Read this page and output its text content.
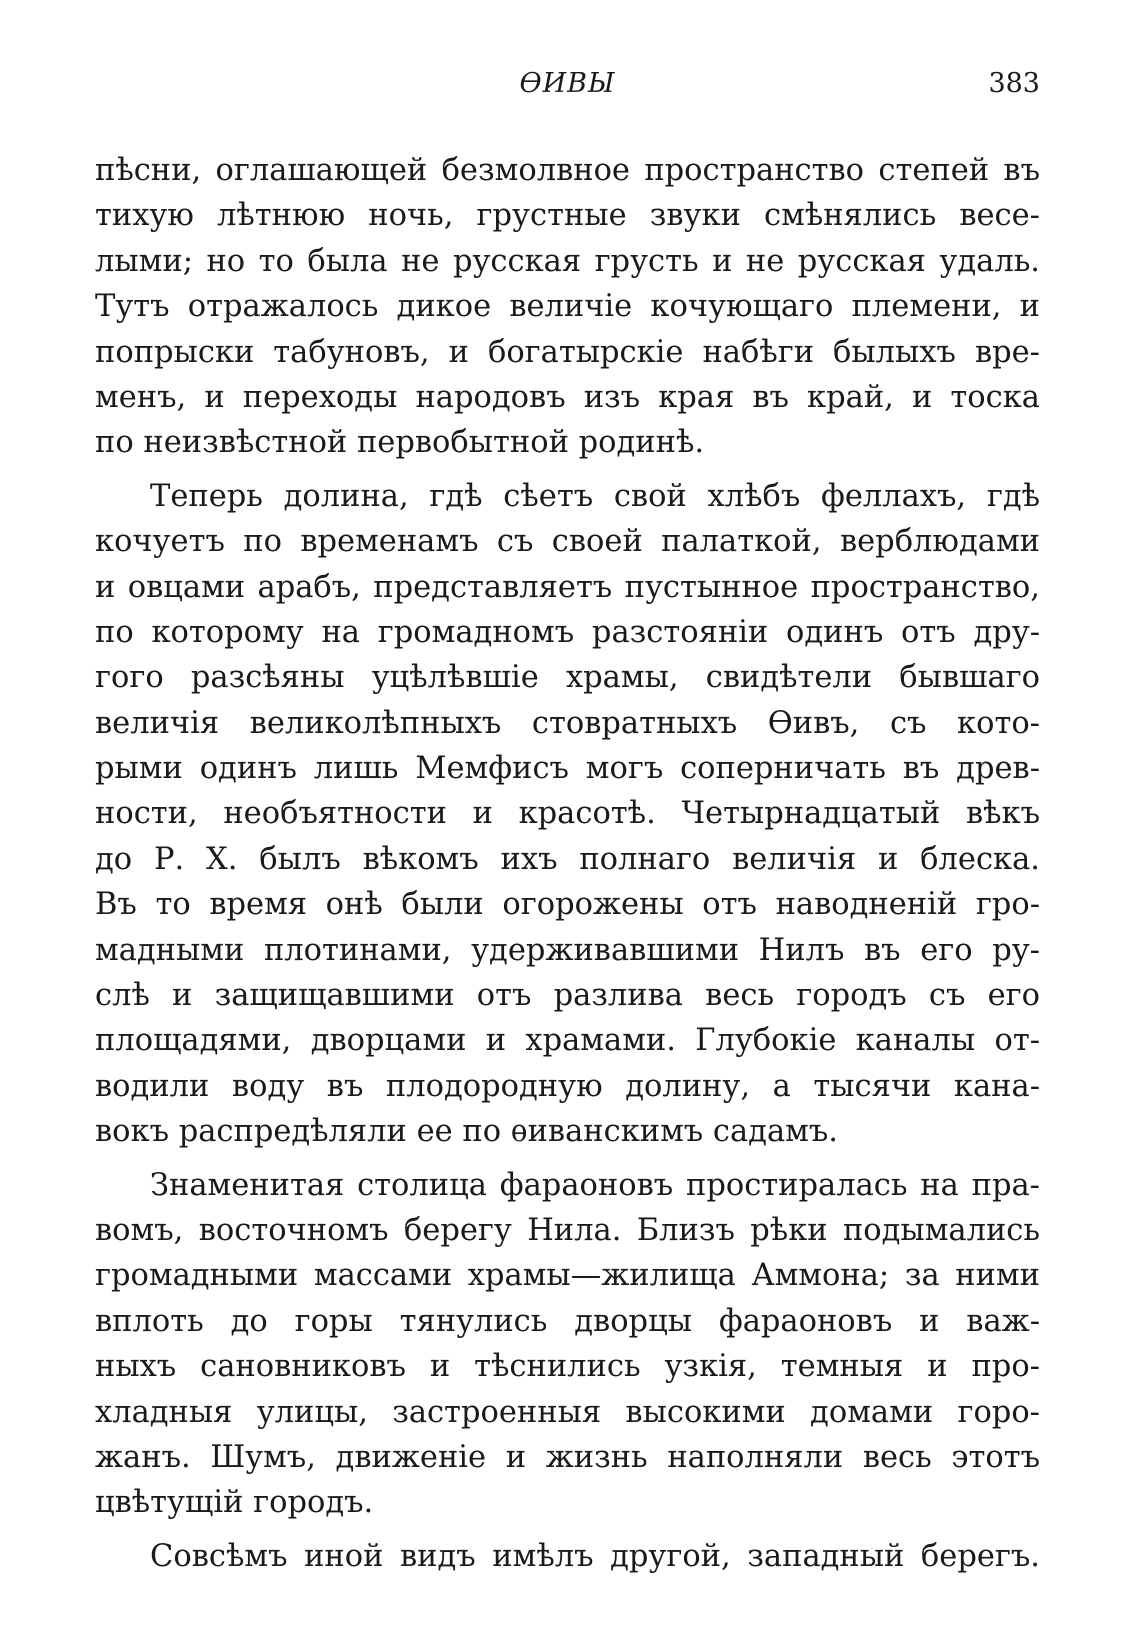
ѲИВЫ	383
пѣсни, оглашающей безмолвное пространство степей въ
тихую лѣтнюю ночь, грустные звуки смѣнялись весе-
лыми; но то была не русская грусть и не русская удаль.
Тутъ отражалось дикое величіе кочующаго племени, и
попрыски табуновъ, и богатырскіе набѣги былыхъ вре-
менъ, и переходы народовъ изъ края въ край, и тоска
по неизвѣстной первобытной родинѣ.
Теперь долина, гдѣ сѣетъ свой хлѣбъ феллахъ, гдѣ
кочуетъ по временамъ съ своей палаткой, верблюдами
и овцами арабъ, представляетъ пустынное пространство,
по которому на громадномъ разстояніи одинъ отъ дру-
гого разсѣяны уцѣлѣвшіе храмы, свидѣтели бывшаго
величія великолѣпныхъ стовратныхъ Ѳивъ, съ кото-
рыми одинъ лишь Мемфисъ могъ соперничать въ древ-
ности, необъятности и красотѣ. Четырнадцатый вѣкъ
до Р. Х. былъ вѣкомъ ихъ полнаго величія и блеска.
Въ то время онѣ были огорожены отъ наводненій гро-
мадными плотинами, удерживавшими Нилъ въ его ру-
слѣ и защищавшими отъ разлива весь городъ съ его
площадями, дворцами и храмами. Глубокіе каналы от-
водили воду въ плодородную долину, а тысячи кана-
вокъ распредѣляли ее по ѳиванскимъ садамъ.
Знаменитая столица фараоновъ простиралась на пра-
вомъ, восточномъ берегу Нила. Близъ рѣки подымались
громадными массами храмы—жилища Аммона; за ними
вплоть до горы тянулись дворцы фараоновъ и важ-
ныхъ сановниковъ и тѣснились узкія, темныя и про-
хладныя улицы, застроенныя высокими домами горо-
жанъ. Шумъ, движеніе и жизнь наполняли весь этотъ
цвѣтущій городъ.
Совсѣмъ иной видъ имѣлъ другой, западный берегъ.
